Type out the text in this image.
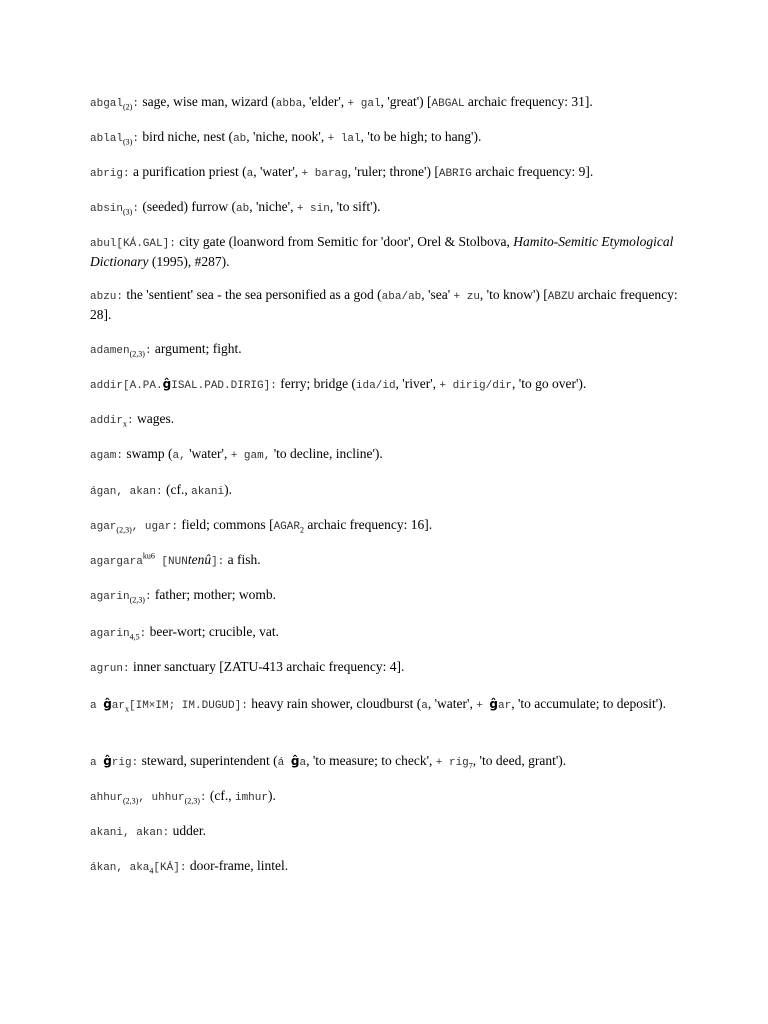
abgal$_{(2)}$: sage, wise man, wizard (abba, 'elder', + gal, 'great') [ABGAL archaic frequency: 31].
ablal$_{(3)}$: bird niche, nest (ab, 'niche, nook', + lal, 'to be high; to hang').
abrig: a purification priest (a, 'water', + barag, 'ruler; throne') [ABRIG archaic frequency: 9].
absin$_{(3)}$: (seeded) furrow (ab, 'niche', + sin, 'to sift').
abul[KÁ.GAL]: city gate (loanword from Semitic for 'door', Orel & Stolbova, Hamito-Semitic Etymological Dictionary (1995), #287).
abzu: the 'sentient' sea - the sea personified as a god (aba/ab, 'sea' + zu, 'to know') [ABZU archaic frequency: 28].
adamen$_{(2,3)}$: argument; fight.
addir[A.PA.ĝISAL.PAD.DIRIG]: ferry; bridge (ida/id, 'river', + dirig/dir, 'to go over').
addir$_x$: wages.
agam: swamp (a, 'water', + gam, 'to decline, incline').
ágan, akan: (cf., akani).
agar$_{(2,3)}$, ugar: field; commons [$AGAR_2$ archaic frequency: 16].
agargara$^{ku6}$ [NUNtenû]: a fish.
agarin$_{(2,3)}$: father; mother; womb.
agarin$_{4,5}$: beer-wort; crucible, vat.
agrun: inner sanctuary [ZATU-413 archaic frequency: 4].
a ĝar$_x$[IM×IM; IM.DUGUD]: heavy rain shower, cloudburst (a, 'water', + ĝar, 'to accumulate; to deposit').
a ĝrig: steward, superintendent (á ĝa, 'to measure; to check', + rig$_7$, 'to deed, grant').
ahhur$_{(2,3)}$, uhhur$_{(2,3)}$: (cf., imhur).
akani, akan: udder.
ákan, aka$_4$[KÁ]: door-frame, lintel.
